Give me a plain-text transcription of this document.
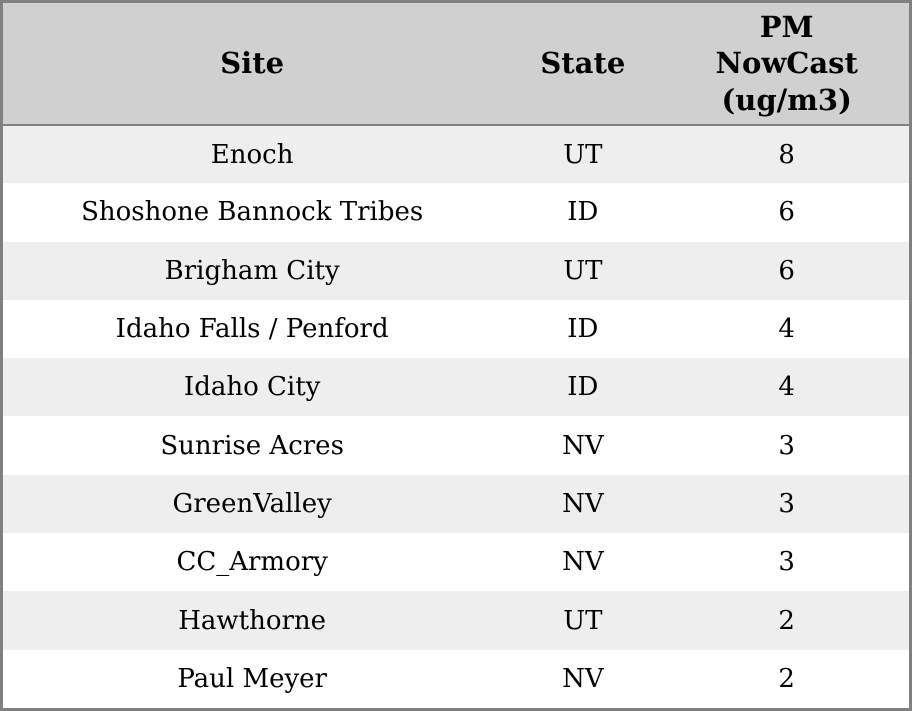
Site	State	PM NowCast (ug/m3)
Enoch	UT	8
Shoshone Bannock Tribes	ID	6
Brigham City	UT	6
Idaho Falls / Penford	ID	4
Idaho City	ID	4
Sunrise Acres	NV	3
GreenValley	NV	3
CC_Armory	NV	3
Hawthorne	UT	2
Paul Meyer	NV	2
